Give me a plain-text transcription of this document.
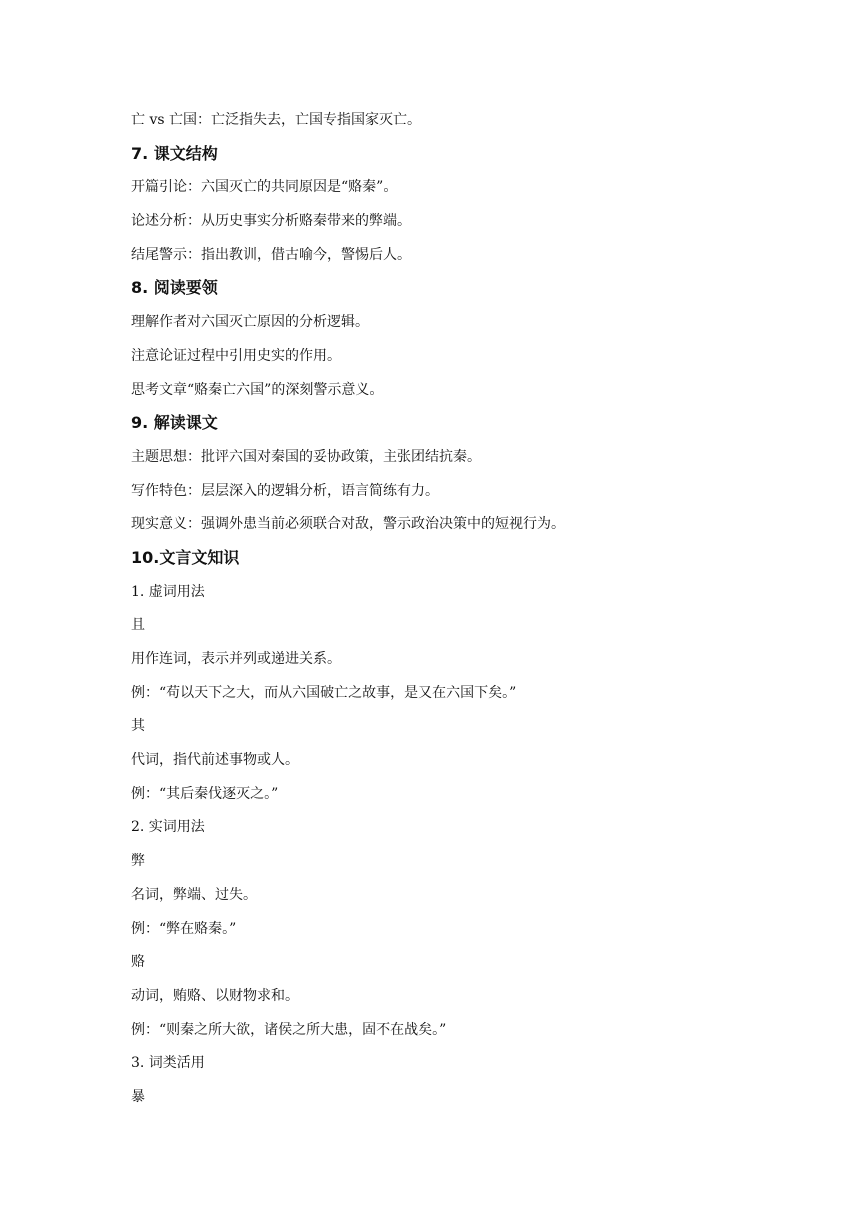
亡 vs 亡国：亡泛指失去，亡国专指国家灭亡。
7. 课文结构
开篇引论：六国灭亡的共同原因是“赂秦”。
论述分析：从历史事实分析赂秦带来的弊端。
结尾警示：指出教训，借古喻今，警惕后人。
8. 阅读要领
理解作者对六国灭亡原因的分析逻辑。
注意论证过程中引用史实的作用。
思考文章“赂秦亡六国”的深刻警示意义。
9. 解读课文
主题思想：批评六国对秦国的妥协政策，主张团结抗秦。
写作特色：层层深入的逻辑分析，语言简练有力。
现实意义：强调外患当前必须联合对敌，警示政治决策中的短视行为。
10.文言文知识
1. 虚词用法
且
用作连词，表示并列或递进关系。
例：“苟以天下之大，而从六国破亡之故事，是又在六国下矣。”
其
代词，指代前述事物或人。
例：“其后秦伐逐灭之。”
2. 实词用法
弊
名词，弊端、过失。
例：“弊在赂秦。”
赂
动词，贿赂、以财物求和。
例：“则秦之所大欲，诸侯之所大患，固不在战矣。”
3. 词类活用
暴
